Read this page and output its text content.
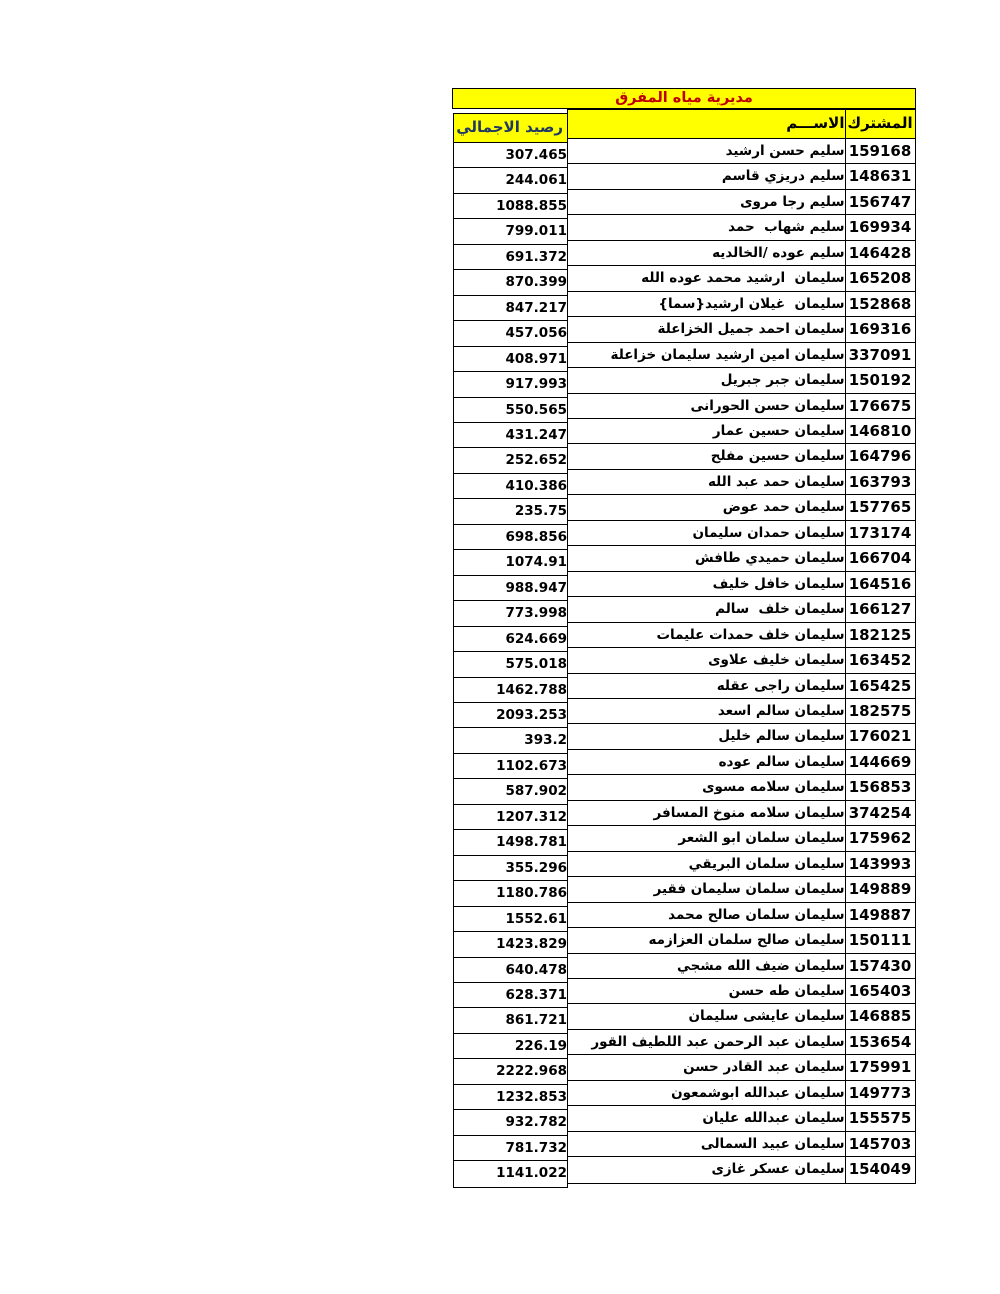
مديرية مياه المفرق
المشترك
159168
148631
156747
169934
146428
165208
152868
169316
337091
150192
176675
146810
164796
163793
157765
173174
166704
164516
166127
182125
163452
165425
182575
176021
144669
156853
374254
175962
143993
149889
149887
150111
157430
165403
146885
153654
175991
149773
155575
145703
154049
الاســـم
سليم حسن ارشيد
سليم دريزي قاسم
سليم رجا مروى
سليم شهاب  حمد
سليم عوده /الخالديه
سليمان  ارشيد محمد عوده الله
سليمان  غيلان ارشيد{سما}
سليمان احمد جميل الخزاعلة
سليمان امين ارشيد سليمان خزاعلة
سليمان جبر جبريل
سليمان حسن الحورانى
سليمان حسين عمار
سليمان حسين مفلح
سليمان حمد عبد الله
سليمان حمد عوض
سليمان حمدان سليمان
سليمان حميدي طافش
سليمان خافل خليف
سليمان خلف  سالم
سليمان خلف حمدات عليمات
سليمان خليف علاوى
سليمان راجى عقله
سليمان سالم اسعد
سليمان سالم خليل
سليمان سالم عوده
سليمان سلامه مسوى
سليمان سلامه منوخ المسافر
سليمان سلمان ابو الشعر
سليمان سلمان البريقي
سليمان سلمان سليمان فقير
سليمان سلمان صالح محمد
سليمان صالح سلمان العزازمه
سليمان ضيف الله مشجي
سليمان طه حسن
سليمان عايشى سليمان
سليمان عبد الرحمن عبد اللطيف القور
سليمان عبد القادر حسن
سليمان عبدالله ابوشمعون
سليمان عبدالله عليان
سليمان عبيد السمالى
سليمان عسكر غازى
رصيد الاجمالي
307.465
244.061
1088.855
799.011
691.372
870.399
847.217
457.056
408.971
917.993
550.565
431.247
252.652
410.386
235.75
698.856
1074.91
988.947
773.998
624.669
575.018
1462.788
2093.253
393.2
1102.673
587.902
1207.312
1498.781
355.296
1180.786
1552.61
1423.829
640.478
628.371
861.721
226.19
2222.968
1232.853
932.782
781.732
1141.022
